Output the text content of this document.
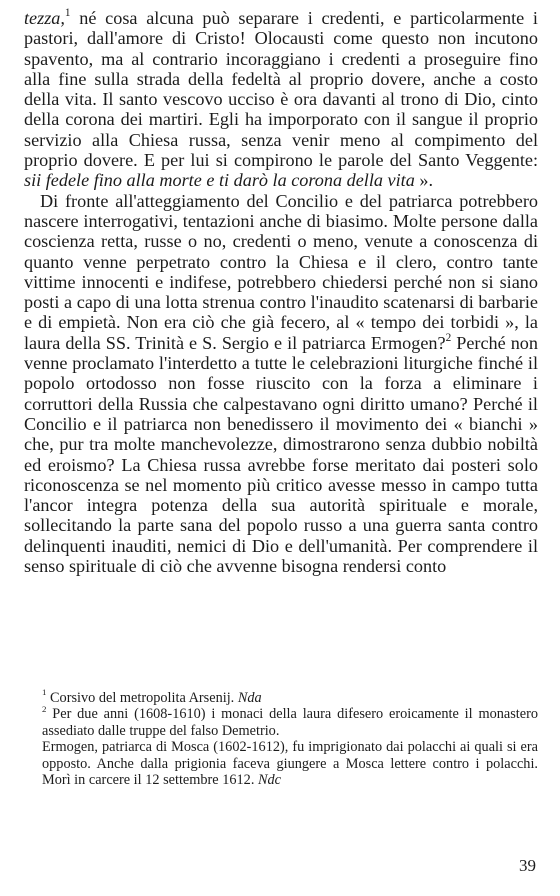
tezza,$^1$ né cosa alcuna può separare i credenti, e particolarmente i pastori, dall'amore di Cristo! Olocausti come questo non incutono spavento, ma al contrario incoraggiano i credenti a proseguire fino alla fine sulla strada della fedeltà al proprio dovere, anche a costo della vita. Il santo vescovo ucciso è ora davanti al trono di Dio, cinto della corona dei martiri. Egli ha imporporato con il sangue il proprio servizio alla Chiesa russa, senza venir meno al compimento del proprio dovere. E per lui si compirono le parole del Santo Veggente: sii fedele fino alla morte e ti darò la corona della vita ».

Di fronte all'atteggiamento del Concilio e del patriarca potrebbero nascere interrogativi, tentazioni anche di biasimo. Molte persone dalla coscienza retta, russe o no, credenti o meno, venute a conoscenza di quanto venne perpetrato contro la Chiesa e il clero, contro tante vittime innocenti e indifese, potrebbero chiedersi perché non si siano posti a capo di una lotta strenua contro l'inaudito scatenarsi di barbarie e di empietà. Non era ciò che già fecero, al « tempo dei torbidi », la laura della SS. Trinità e S. Sergio e il patriarca Ermogen?$^2$ Perché non venne proclamato l'interdetto a tutte le celebrazioni liturgiche finché il popolo ortodosso non fosse riuscito con la forza a eliminare i corruttori della Russia che calpestavano ogni diritto umano? Perché il Concilio e il patriarca non benedissero il movimento dei « bianchi » che, pur tra molte manchevolezze, dimostrarono senza dubbio nobiltà ed eroismo? La Chiesa russa avrebbe forse meritato dai posteri solo riconoscenza se nel momento più critico avesse messo in campo tutta l'ancor integra potenza della sua autorità spirituale e morale, sollecitando la parte sana del popolo russo a una guerra santa contro delinquenti inauditi, nemici di Dio e dell'umanità. Per comprendere il senso spirituale di ciò che avvenne bisogna rendersi conto

$^1$ Corsivo del metropolita Arsenij. Nda

$^2$ Per due anni (1608-1610) i monaci della laura difesero eroicamente il monastero assediato dalle truppe del falso Demetrio.

Ermogen, patriarca di Mosca (1602-1612), fu imprigionato dai polacchi ai quali si era opposto. Anche dalla prigionia faceva giungere a Mosca lettere contro i polacchi. Morì in carcere il 12 settembre 1612. Ndc

39
